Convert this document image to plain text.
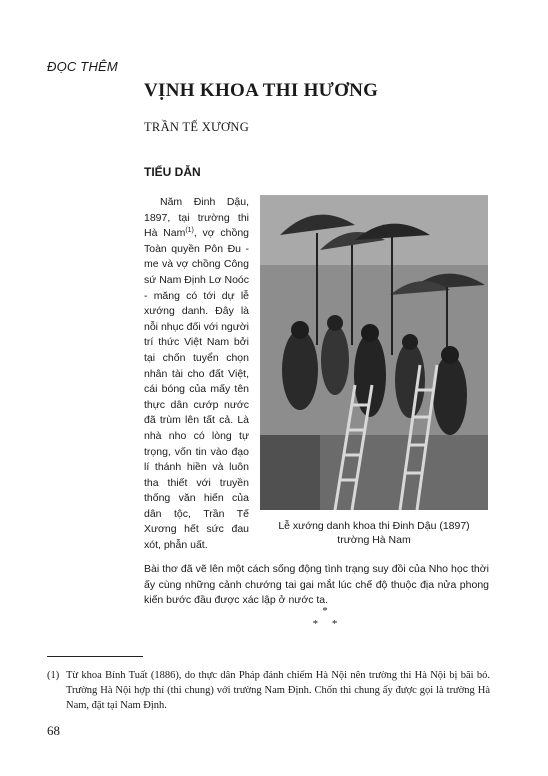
ĐỌC THÊM
VỊNH KHOA THI HƯƠNG
TRẦN TẾ XƯƠNG
TIỂU DẪN

Năm Đinh Dậu, 1897, tại trường thi Hà Nam$^{(1)}$, vợ chồng Toàn quyền Pôn Đu - me và vợ chồng Công sứ Nam Định Lơ Noóc - măng có tới dự lễ xướng danh. Đây là nỗi nhục đối với người trí thức Việt Nam bởi tại chốn tuyển chọn nhân tài cho đất Việt, cái bóng của mấy tên thực dân cướp nước đã trùm lên tất cả. Là nhà nho có lòng tự trọng, vốn tin vào đạo lí thánh hiền và luôn tha thiết với truyền thống văn hiến của dân tộc, Trần Tế Xương hết sức đau xót, phẫn uất.

Lễ xướng danh khoa thi Đinh Dậu (1897)
trường Hà Nam
Bài thơ đã vẽ lên một cách sống động tình trạng suy đồi của Nho học thời ấy cùng những cảnh chướng tai gai mắt lúc chế độ thuộc địa nửa phong kiến bước đầu được xác lập ở nước ta.
*
*     *
(1) Từ khoa Bính Tuất (1886), do thực dân Pháp đánh chiếm Hà Nội nên trường thi Hà Nội bị bãi bỏ. Trường Hà Nội hợp thí (thi chung) với trường Nam Định. Chốn thi chung ấy được gọi là trường Hà Nam, đặt tại Nam Định.
68
